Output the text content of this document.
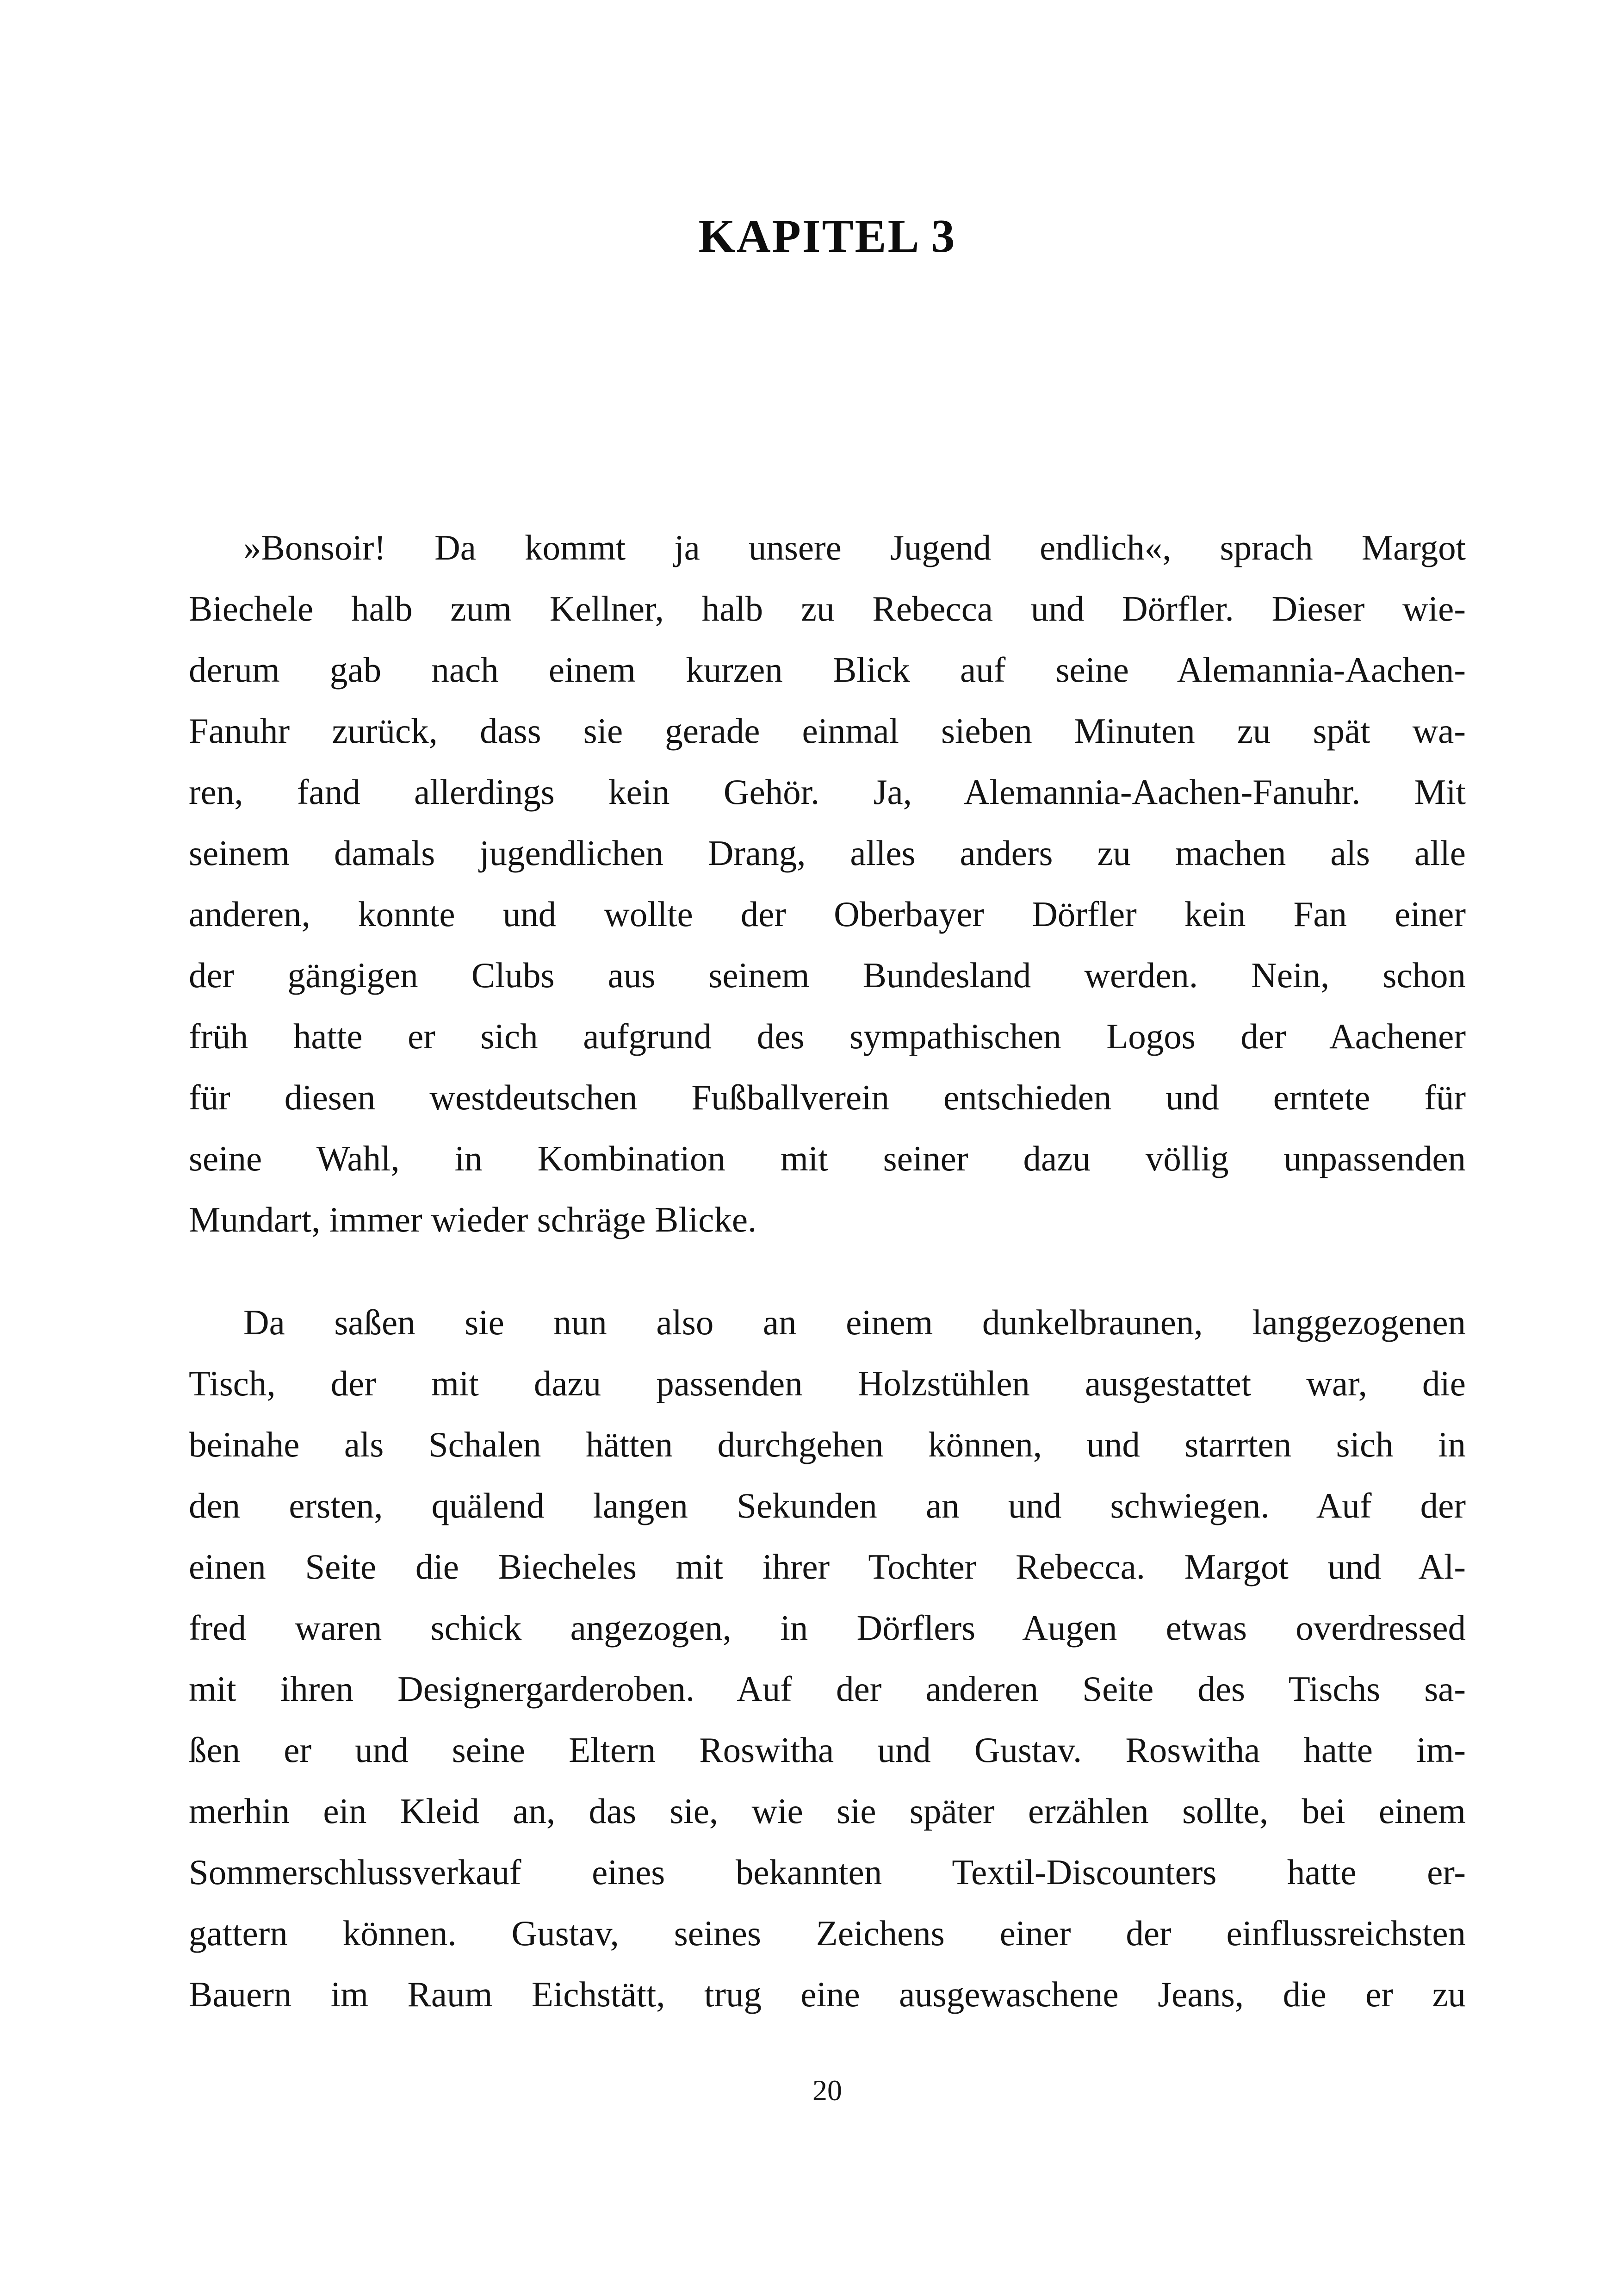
KAPITEL 3
»Bonsoir! Da kommt ja unsere Jugend endlich«, sprach Margot
Biechele halb zum Kellner, halb zu Rebecca und Dörfler. Dieser wie-
derum gab nach einem kurzen Blick auf seine Alemannia-Aachen-
Fanuhr zurück, dass sie gerade einmal sieben Minuten zu spät wa-
ren, fand allerdings kein Gehör. Ja, Alemannia-Aachen-Fanuhr. Mit
seinem damals jugendlichen Drang, alles anders zu machen als alle
anderen, konnte und wollte der Oberbayer Dörfler kein Fan einer
der gängigen Clubs aus seinem Bundesland werden. Nein, schon
früh hatte er sich aufgrund des sympathischen Logos der Aachener
für diesen westdeutschen Fußballverein entschieden und erntete für
seine Wahl, in Kombination mit seiner dazu völlig unpassenden
Mundart, immer wieder schräge Blicke.
Da saßen sie nun also an einem dunkelbraunen, langgezogenen
Tisch, der mit dazu passenden Holzstühlen ausgestattet war, die
beinahe als Schalen hätten durchgehen können, und starrten sich in
den ersten, quälend langen Sekunden an und schwiegen. Auf der
einen Seite die Biecheles mit ihrer Tochter Rebecca. Margot und Al-
fred waren schick angezogen, in Dörflers Augen etwas overdressed
mit ihren Designergarderoben. Auf der anderen Seite des Tischs sa-
ßen er und seine Eltern Roswitha und Gustav. Roswitha hatte im-
merhin ein Kleid an, das sie, wie sie später erzählen sollte, bei einem
Sommerschlussverkauf eines bekannten Textil-Discounters hatte er-
gattern können. Gustav, seines Zeichens einer der einflussreichsten
Bauern im Raum Eichstätt, trug eine ausgewaschene Jeans, die er zu
20
